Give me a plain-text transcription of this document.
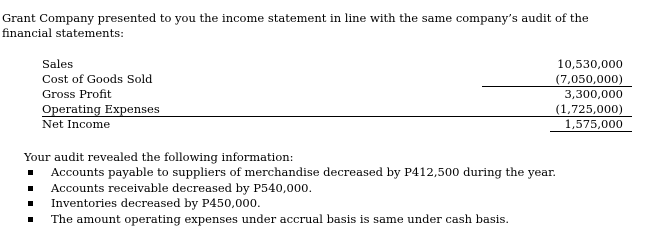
Grant Company presented to you the income statement in line with the same company’s audit of the
financial statements:

Sales	10,530,000
Cost of Goods Sold	(7,050,000)
Gross Profit	3,300,000
Operating Expenses	(1,725,000)
Net Income	1,575,000

Your audit revealed the following information:

Accounts payable to suppliers of merchandise decreased by P412,500 during the year.
Accounts receivable decreased by P540,000.
Inventories decreased by P450,000.
The amount operating expenses under accrual basis is same under cash basis.
